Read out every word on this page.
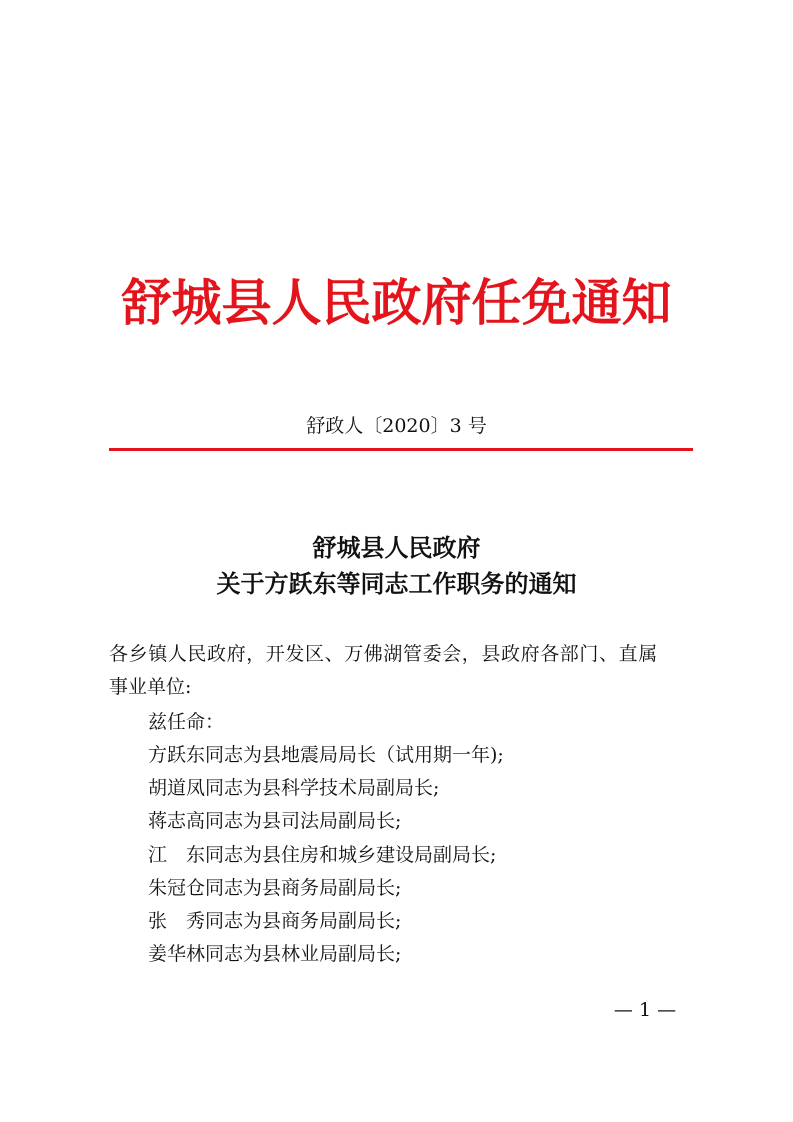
舒城县人民政府任免通知
舒政人〔2020〕3 号
舒城县人民政府
关于方跃东等同志工作职务的通知
各乡镇人民政府，开发区、万佛湖管委会，县政府各部门、直属
事业单位:
兹任命：
方跃东同志为县地震局局长（试用期一年);
胡道凤同志为县科学技术局副局长;
蒋志高同志为县司法局副局长;
江　东同志为县住房和城乡建设局副局长;
朱冠仓同志为县商务局副局长;
张　秀同志为县商务局副局长;
姜华林同志为县林业局副局长;
— 1 —
